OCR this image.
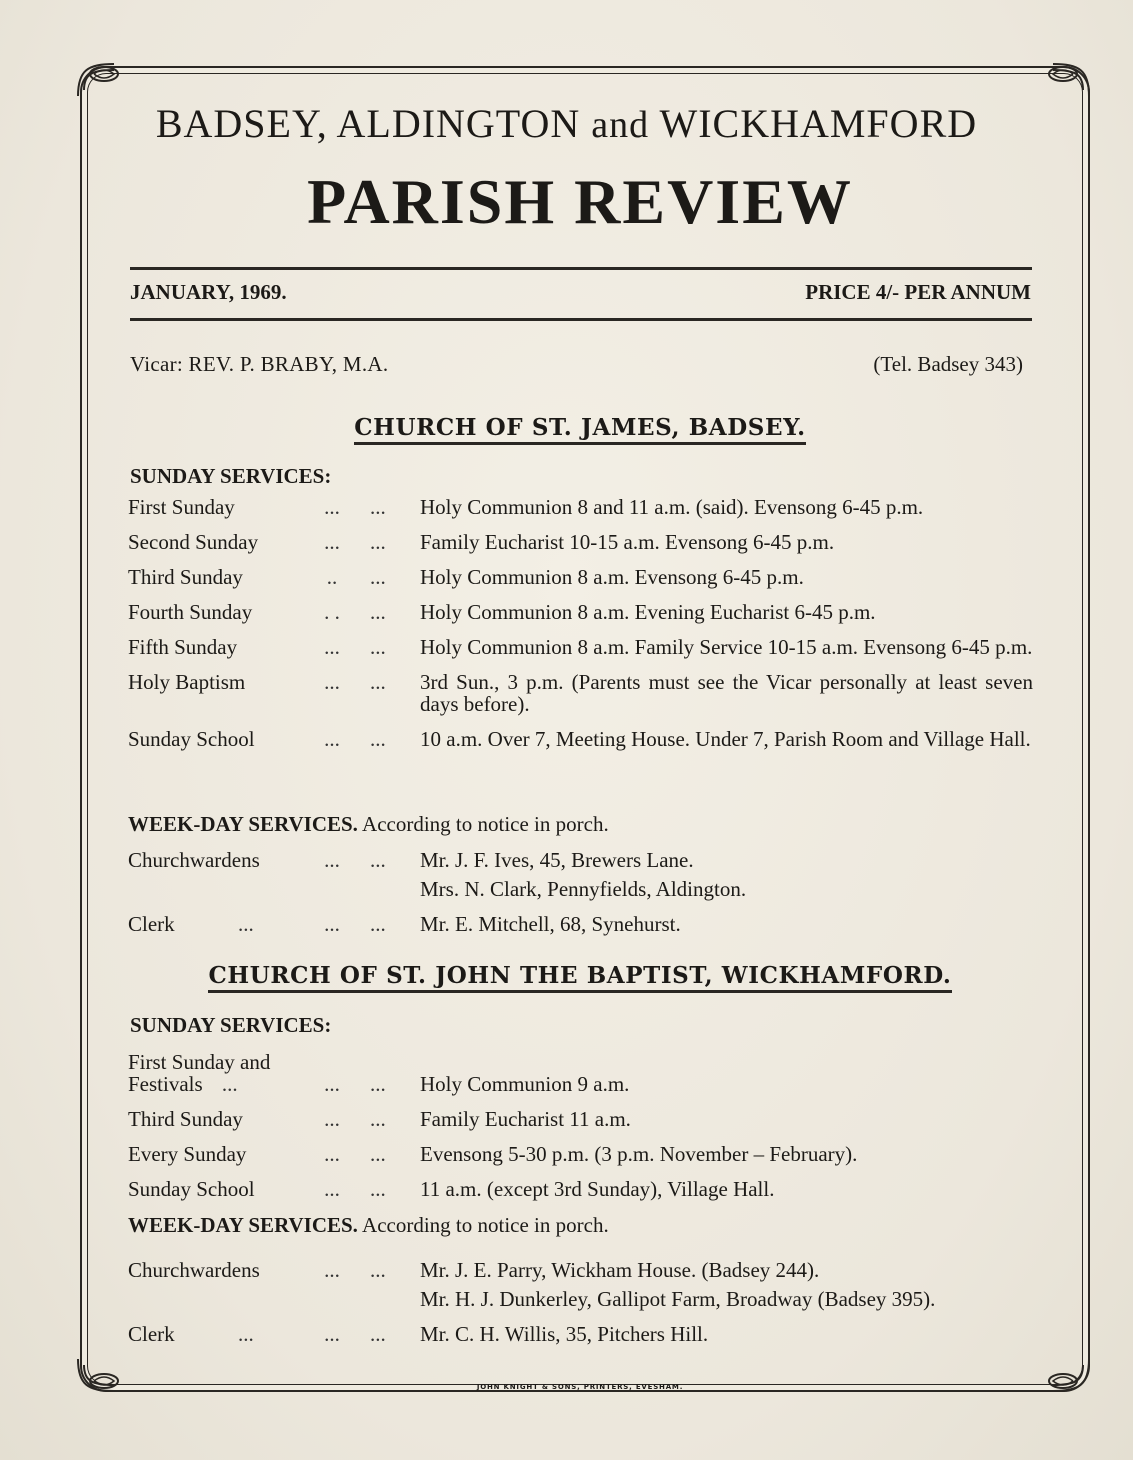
BADSEY, ALDINGTON and WICKHAMFORD
PARISH REVIEW
JANUARY, 1969.	PRICE 4/- PER ANNUM
Vicar: REV. P. BRABY, M.A.	(Tel. Badsey 343)
CHURCH OF ST. JAMES, BADSEY.
SUNDAY SERVICES:
First Sunday	...	...	Holy Communion 8 and 11 a.m. (said). Evensong 6-45 p.m.
Second Sunday	...	...	Family Eucharist 10-15 a.m. Evensong 6-45 p.m.
Third Sunday	..	...	Holy Communion 8 a.m. Evensong 6-45 p.m.
Fourth Sunday	. .	...	Holy Communion 8 a.m. Evening Eucharist 6-45 p.m.
Fifth Sunday	...	...	Holy Communion 8 a.m. Family Service 10-15 a.m. Evensong 6-45 p.m.
Holy Baptism	...	...	3rd Sun., 3 p.m. (Parents must see the Vicar personally at least seven days before).
Sunday School	...	...	10 a.m. Over 7, Meeting House. Under 7, Parish Room and Village Hall.
WEEK-DAY SERVICES. According to notice in porch.
Churchwardens	...	...	Mr. J. F. Ives, 45, Brewers Lane.
Mrs. N. Clark, Pennyfields, Aldington.
Clerk	...	...	...	Mr. E. Mitchell, 68, Synehurst.
CHURCH OF ST. JOHN THE BAPTIST, WICKHAMFORD.
SUNDAY SERVICES:
First Sunday and
Festivals ...	...	...	Holy Communion 9 a.m.
Third Sunday	...	...	Family Eucharist 11 a.m.
Every Sunday	...	...	Evensong 5-30 p.m. (3 p.m. November – February).
Sunday School	...	...	11 a.m. (except 3rd Sunday), Village Hall.
WEEK-DAY SERVICES. According to notice in porch.
Churchwardens	...	...	Mr. J. E. Parry, Wickham House. (Badsey 244).
Mr. H. J. Dunkerley, Gallipot Farm, Broadway (Badsey 395).
Clerk	...	...	...	Mr. C. H. Willis, 35, Pitchers Hill.
JOHN KNIGHT & SONS, PRINTERS, EVESHAM.
